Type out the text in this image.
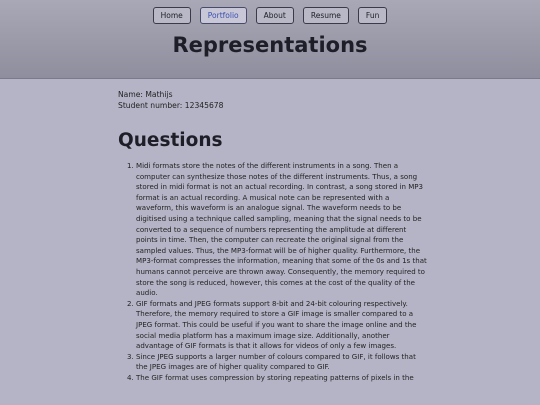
Home	Portfolio	About	Resume	Fun
Representations
Name: Mathijs
Student number: 12345678
Questions
1. Midi formats store the notes of the different instruments in a song. Then a computer can synthesize those notes of the different instruments. Thus, a song stored in midi format is not an actual recording. In contrast, a song stored in MP3 format is an actual recording. A musical note can be represented with a waveform, this waveform is an analogue signal. The waveform needs to be digitised using a technique called sampling, meaning that the signal needs to be converted to a sequence of numbers representing the amplitude at different points in time. Then, the computer can recreate the original signal from the sampled values. Thus, the MP3-format will be of higher quality. Furthermore, the MP3-format compresses the information, meaning that some of the 0s and 1s that humans cannot perceive are thrown away. Consequently, the memory required to store the song is reduced, however, this comes at the cost of the quality of the audio.
2. GIF formats and JPEG formats support 8-bit and 24-bit colouring respectively. Therefore, the memory required to store a GIF image is smaller compared to a JPEG format. This could be useful if you want to share the image online and the social media platform has a maximum image size. Additionally, another advantage of GIF formats is that it allows for videos of only a few images.
3. Since JPEG supports a larger number of colours compared to GIF, it follows that the JPEG images are of higher quality compared to GIF.
4. The GIF format uses compression by storing repeating patterns of pixels in the
